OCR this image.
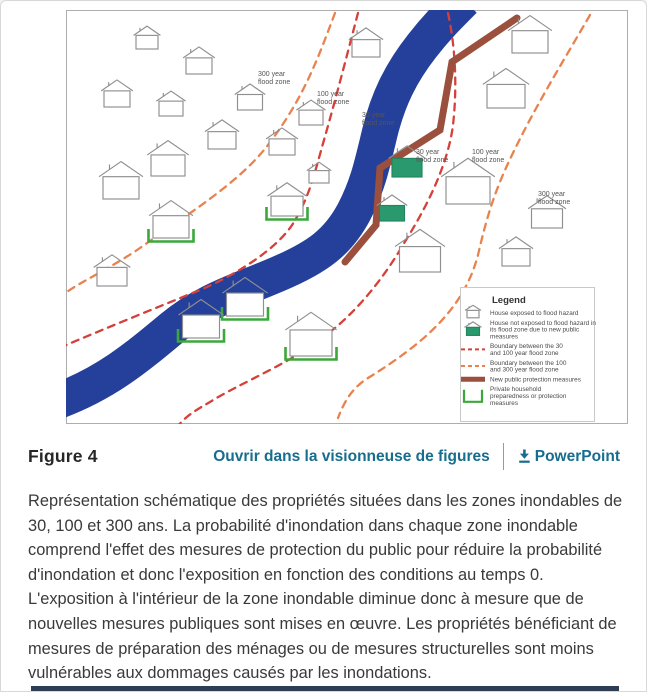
300 year flood zone
100 year flood zone
30 year flood zone
30 year flood zone
100 year flood zone
300 year flood zone
Legend
House exposed to flood hazard
House not exposed to flood hazard in its flood zone due to new public measures
Boundary between the 30 and 100 year flood zone
Boundary between the 100 and 300 year flood zone
New public protection measures
Private household preparedness or protection measures
Figure 4	Ouvrir dans la visionneuse de figures	PowerPoint

Représentation schématique des propriétés situées dans les zones inondables de 30, 100 et 300 ans. La probabilité d'inondation dans chaque zone inondable comprend l'effet des mesures de protection du public pour réduire la probabilité d'inondation et donc l'exposition en fonction des conditions au temps 0. L'exposition à l'intérieur de la zone inondable diminue donc à mesure que de nouvelles mesures publiques sont mises en œuvre. Les propriétés bénéficiant de mesures de préparation des ménages ou de mesures structurelles sont moins vulnérables aux dommages causés par les inondations.
